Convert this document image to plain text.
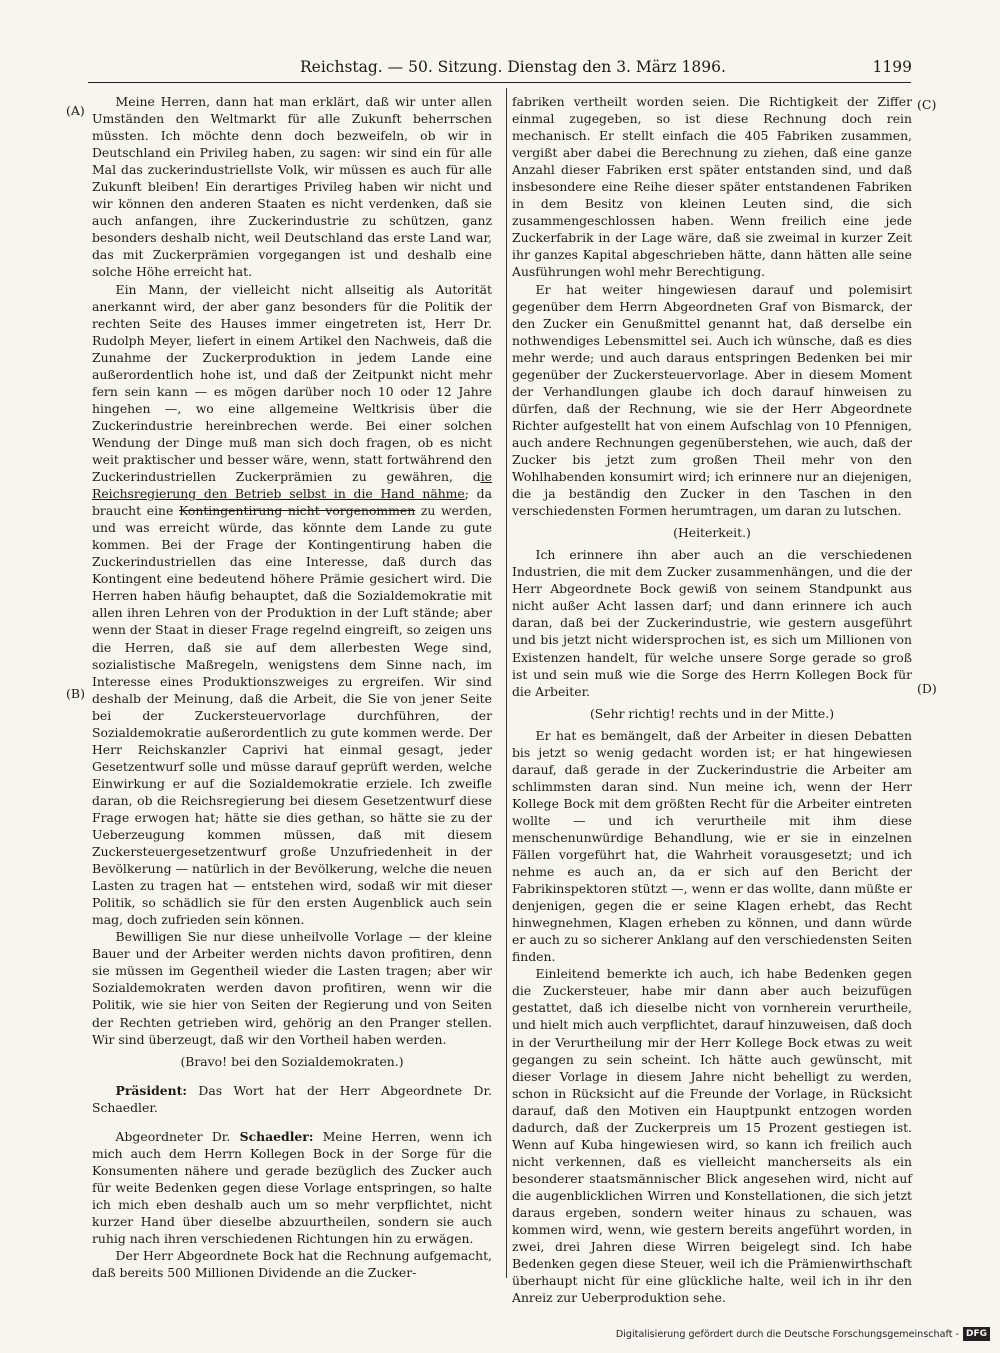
Reichstag. — 50. Sitzung. Dienstag den 3. März 1896.	1199
(A)
(B)
(C)
(D)

Meine Herren, dann hat man erklärt, daß wir unter allen Umständen den Weltmarkt für alle Zukunft beherrschen müssten. Ich möchte denn doch bezweifeln, ob wir in Deutschland ein Privileg haben, zu sagen: wir sind ein für alle Mal das zuckerindustriellste Volk, wir müssen es auch für alle Zukunft bleiben! Ein derartiges Privileg haben wir nicht und wir können den anderen Staaten es nicht verdenken, daß sie auch anfangen, ihre Zuckerindustrie zu schützen, ganz besonders deshalb nicht, weil Deutschland das erste Land war, das mit Zuckerprämien vorgegangen ist und deshalb eine solche Höhe erreicht hat.

Ein Mann, der vielleicht nicht allseitig als Autorität anerkannt wird, der aber ganz besonders für die Politik der rechten Seite des Hauses immer eingetreten ist, Herr Dr. Rudolph Meyer, liefert in einem Artikel den Nachweis, daß die Zunahme der Zuckerproduktion in jedem Lande eine außerordentlich hohe ist, und daß der Zeitpunkt nicht mehr fern sein kann — es mögen darüber noch 10 oder 12 Jahre hingehen —, wo eine allgemeine Weltkrisis über die Zuckerindustrie hereinbrechen werde. Bei einer solchen Wendung der Dinge muß man sich doch fragen, ob es nicht weit praktischer und besser wäre, wenn, statt fortwährend den Zuckerindustriellen Zuckerprämien zu gewähren, die Reichsregierung den Betrieb selbst in die Hand nähme; da braucht eine Kontingentirung nicht vorgenommen zu werden, und was erreicht würde, das könnte dem Lande zu gute kommen. Bei der Frage der Kontingentirung haben die Zuckerindustriellen das eine Interesse, daß durch das Kontingent eine bedeutend höhere Prämie gesichert wird. Die Herren haben häufig behauptet, daß die Sozialdemokratie mit allen ihren Lehren von der Produktion in der Luft stände; aber wenn der Staat in dieser Frage regelnd eingreift, so zeigen uns die Herren, daß sie auf dem allerbesten Wege sind, sozialistische Maßregeln, wenigstens dem Sinne nach, im Interesse eines Produktionszweiges zu ergreifen. Wir sind deshalb der Meinung, daß die Arbeit, die Sie von jener Seite bei der Zuckersteuervorlage durchführen, der Sozialdemokratie außerordentlich zu gute kommen werde. Der Herr Reichskanzler Caprivi hat einmal gesagt, jeder Gesetzentwurf solle und müsse darauf geprüft werden, welche Einwirkung er auf die Sozialdemokratie erziele. Ich zweifle daran, ob die Reichsregierung bei diesem Gesetzentwurf diese Frage erwogen hat; hätte sie dies gethan, so hätte sie zu der Ueberzeugung kommen müssen, daß mit diesem Zuckersteuergesetzentwurf große Unzufriedenheit in der Bevölkerung — natürlich in der Bevölkerung, welche die neuen Lasten zu tragen hat — entstehen wird, sodaß wir mit dieser Politik, so schädlich sie für den ersten Augenblick auch sein mag, doch zufrieden sein können.

Bewilligen Sie nur diese unheilvolle Vorlage — der kleine Bauer und der Arbeiter werden nichts davon profitiren, denn sie müssen im Gegentheil wieder die Lasten tragen; aber wir Sozialdemokraten werden davon profitiren, wenn wir die Politik, wie sie hier von Seiten der Regierung und von Seiten der Rechten getrieben wird, gehörig an den Pranger stellen. Wir sind überzeugt, daß wir den Vortheil haben werden.

(Bravo! bei den Sozialdemokraten.)

Präsident: Das Wort hat der Herr Abgeordnete Dr. Schaedler.

Abgeordneter Dr. Schaedler: Meine Herren, wenn ich mich auch dem Herrn Kollegen Bock in der Sorge für die Konsumenten nähere und gerade bezüglich des Zucker auch für weite Bedenken gegen diese Vorlage entspringen, so halte ich mich eben deshalb auch um so mehr verpflichtet, nicht kurzer Hand über dieselbe abzuurtheilen, sondern sie auch ruhig nach ihren verschiedenen Richtungen hin zu erwägen.

Der Herr Abgeordnete Bock hat die Rechnung aufgemacht, daß bereits 500 Millionen Dividende an die Zucker-

fabriken vertheilt worden seien. Die Richtigkeit der Ziffer einmal zugegeben, so ist diese Rechnung doch rein mechanisch. Er stellt einfach die 405 Fabriken zusammen, vergißt aber dabei die Berechnung zu ziehen, daß eine ganze Anzahl dieser Fabriken erst später entstanden sind, und daß insbesondere eine Reihe dieser später entstandenen Fabriken in dem Besitz von kleinen Leuten sind, die sich zusammengeschlossen haben. Wenn freilich eine jede Zuckerfabrik in der Lage wäre, daß sie zweimal in kurzer Zeit ihr ganzes Kapital abgeschrieben hätte, dann hätten alle seine Ausführungen wohl mehr Berechtigung.

Er hat weiter hingewiesen darauf und polemisirt gegenüber dem Herrn Abgeordneten Graf von Bismarck, der den Zucker ein Genußmittel genannt hat, daß derselbe ein nothwendiges Lebensmittel sei. Auch ich wünsche, daß es dies mehr werde; und auch daraus entspringen Bedenken bei mir gegenüber der Zuckersteuervorlage. Aber in diesem Moment der Verhandlungen glaube ich doch darauf hinweisen zu dürfen, daß der Rechnung, wie sie der Herr Abgeordnete Richter aufgestellt hat von einem Aufschlag von 10 Pfennigen, auch andere Rechnungen gegenüberstehen, wie auch, daß der Zucker bis jetzt zum großen Theil mehr von den Wohlhabenden konsumirt wird; ich erinnere nur an diejenigen, die ja beständig den Zucker in den Taschen in den verschiedensten Formen herumtragen, um daran zu lutschen.

(Heiterkeit.)

Ich erinnere ihn aber auch an die verschiedenen Industrien, die mit dem Zucker zusammenhängen, und die der Herr Abgeordnete Bock gewiß von seinem Standpunkt aus nicht außer Acht lassen darf; und dann erinnere ich auch daran, daß bei der Zuckerindustrie, wie gestern ausgeführt und bis jetzt nicht widersprochen ist, es sich um Millionen von Existenzen handelt, für welche unsere Sorge gerade so groß ist und sein muß wie die Sorge des Herrn Kollegen Bock für die Arbeiter.

(Sehr richtig! rechts und in der Mitte.)

Er hat es bemängelt, daß der Arbeiter in diesen Debatten bis jetzt so wenig gedacht worden ist; er hat hingewiesen darauf, daß gerade in der Zuckerindustrie die Arbeiter am schlimmsten daran sind. Nun meine ich, wenn der Herr Kollege Bock mit dem größten Recht für die Arbeiter eintreten wollte — und ich verurtheile mit ihm diese menschenunwürdige Behandlung, wie er sie in einzelnen Fällen vorgeführt hat, die Wahrheit vorausgesetzt; und ich nehme es auch an, da er sich auf den Bericht der Fabrikinspektoren stützt —, wenn er das wollte, dann müßte er denjenigen, gegen die er seine Klagen erhebt, das Recht hinwegnehmen, Klagen erheben zu können, und dann würde er auch zu so sicherer Anklang auf den verschiedensten Seiten finden.

Einleitend bemerkte ich auch, ich habe Bedenken gegen die Zuckersteuer, habe mir dann aber auch beizufügen gestattet, daß ich dieselbe nicht von vornherein verurtheile, und hielt mich auch verpflichtet, darauf hinzuweisen, daß doch in der Verurtheilung mir der Herr Kollege Bock etwas zu weit gegangen zu sein scheint. Ich hätte auch gewünscht, mit dieser Vorlage in diesem Jahre nicht behelligt zu werden, schon in Rücksicht auf die Freunde der Vorlage, in Rücksicht darauf, daß den Motiven ein Hauptpunkt entzogen worden dadurch, daß der Zuckerpreis um 15 Prozent gestiegen ist. Wenn auf Kuba hingewiesen wird, so kann ich freilich auch nicht verkennen, daß es vielleicht mancherseits als ein besonderer staatsmännischer Blick angesehen wird, nicht auf die augenblicklichen Wirren und Konstellationen, die sich jetzt daraus ergeben, sondern weiter hinaus zu schauen, was kommen wird, wenn, wie gestern bereits angeführt worden, in zwei, drei Jahren diese Wirren beigelegt sind. Ich habe Bedenken gegen diese Steuer, weil ich die Prämienwirthschaft überhaupt nicht für eine glückliche halte, weil ich in ihr den Anreiz zur Ueberproduktion sehe.

Digitalisierung gefördert durch die Deutsche Forschungsgemeinschaft - DFG
